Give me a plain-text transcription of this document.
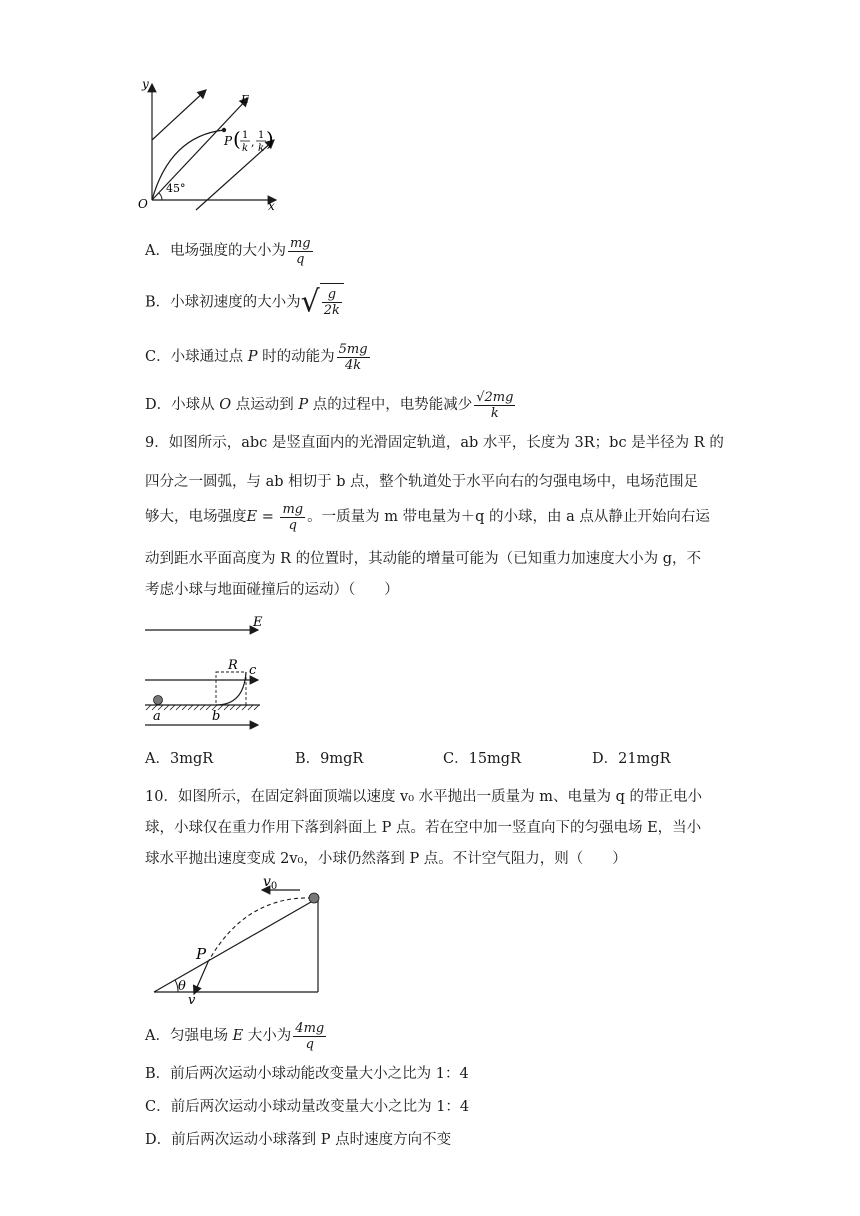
y
x
O
E
P ( 1
k ,
1
k )
45°
A．电场强度的大小为 $\frac{mg}{q}$
B．小球初速度的大小为√ $\frac{g}{2k}$
C．小球通过点 P 时的动能为 $\frac{5mg}{4k}$
D．小球从 O 点运动到 P 点的过程中，电势能减少 $\frac{√2mg}{k}$
9．如图所示，abc 是竖直面内的光滑固定轨道，ab 水平，长度为 3R；bc 是半径为 R 的
四分之一圆弧，与 ab 相切于 b 点，整个轨道处于水平向右的匀强电场中，电场范围足
够大，电场强度$E = \frac{mg}{q}$ 。一质量为 m 带电量为＋q 的小球，由 a 点从静止开始向右运
动到距水平面高度为 R 的位置时，其动能的增量可能为（已知重力加速度大小为 g，不
考虑小球与地面碰撞后的运动）（　　）
E
R c
a	b
A．3mgR	B．9mgR	C．15mgR	D．21mgR
10．如图所示，在固定斜面顶端以速度 v₀ 水平抛出一质量为 m、电量为 q 的带正电小
球，小球仅在重力作用下落到斜面上 P 点。若在空中加一竖直向下的匀强电场 E，当小
球水平抛出速度变成 2v₀，小球仍然落到 P 点。不计空气阻力，则（　　）
$v_0$
P
θ
v
A．匀强电场 E 大小为 $\frac{4mg}{q}$
B．前后两次运动小球动能改变量大小之比为 1：4
C．前后两次运动小球动量改变量大小之比为 1：4
D．前后两次运动小球落到 P 点时速度方向不变
